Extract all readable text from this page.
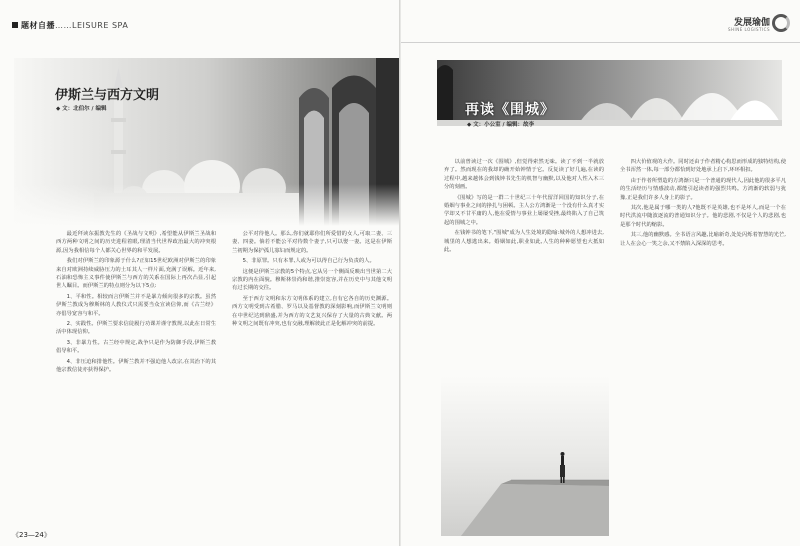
题材自播……LEISURE SPA
伊斯兰与西方文明
◆ 文：北伯尔 / 编辑

最近拜读东振教先生的《圣战与文明》,希望能从伊斯兰圣战和西方两种文明之间的历史进程着眼,理清当代世界政治最大的冲突根源,因为我相信每个人都关心世界的和平发展。

我们对伊斯兰的印象源于什么?正如15世纪欧洲对伊斯兰的印象来自对欧洲持续威胁压力的土耳其人一样片面,充满了误解。近年来,石油和恐怖主义事件使伊斯兰与西方的关系在国际上再次凸显,引起世人瞩目。而伊斯兰的特点则分为以下5点:

1、平和性。相较而言伊斯兰并不是暴力倾向很多的宗教。虽然伊斯兰教成为穆斯林的人教仪式只需要当众宣读信仰,而《古兰经》亦倡导宽容与和平。

2、实践性。伊斯兰要求信徒履行功课并谨守教规,以此在日常生活中体现信仰。

3、非暴力性。古兰经中规定,战争只是作为防御手段,伊斯兰教倡导和平。

4、非压迫和排他性。伊斯兰教并不强迫他人改宗,在其治下的其他宗教信徒亦获得保护。

公平对待他人。那么,你们就耶你们所爱惜的女人,可取二妻、三妻、四妻。倘若不能公平对待数个妻子,只可以娶一妻。这是在伊斯兰初期为保护孤儿寡妇而规定的。

5、非原罪。只有本罪,人或为可以得自己行为负责的人。

这便是伊斯兰宗教的5个特点,它从另一个侧面反映出当世第二大宗教的内在面貌。穆斯林崇尚和谐,推崇宽容,并在历史中与其他文明有过长期的交往。

至于西方文明和东方文明体系的建立,自有它各自的历史渊源。西方文明受到古希腊、罗马以及基督教的深刻影响,而伊斯兰文明则在中世纪达到鼎盛,并为西方的文艺复兴保存了大量的古典文献。两种文明之间既有冲突,也有交融,理解彼此正是化解冲突的前提。

《23—24》
发展瑜伽
SHINE LOGISTICS
再读《围城》
◆ 文：小公室 / 编辑：故李

以前曾读过一次《围城》,但觉得索然无味。读了不到一半就放弃了。然而现在的我却的确开始钟情于它。反复读了好几遍,在读的过程中,越来越体会到钱钟书先生的机智与幽默,以及他对人性入木三分的刻画。

《围城》写的是一群二十世纪三十年代留洋回国的知识分子,在婚姻与事业之间的挣扎与困顿。主人公方鸿渐是一个没有什么真才实学却又不甘平庸的人,他在爱情与事业上屡屡受挫,最终陷入了自己筑起的围城之中。

在钱钟书的笔下,"围城"成为人生处境的隐喻:城外的人想冲进去,城里的人想逃出来。婚姻如此,职业如此,人生的种种愿望也大抵如此。

四大价值观的大作。同时还由于作者精心构思而形成的独特结构,使全书浑然一体,每一部分都恰到好处地承上启下,环环相扣。

由于作者所塑造的方鸿渐只是一个普通的现代人,因此他的很多平凡的生活经历与情感波动,都能引起读者的强烈共鸣。方鸿渐的软弱与犹豫,正是我们许多人身上的影子。

其次,他是属于哪一类的人?他既不是英雄,也不是坏人,而是一个在时代洪流中随波逐流的普通知识分子。他的悲剧,不仅是个人的悲剧,也是那个时代的缩影。

其三,他的幽默感。全书语言风趣,比喻新奇,处处闪烁着智慧的光芒,让人在会心一笑之余,又不禁陷入深深的思考。
